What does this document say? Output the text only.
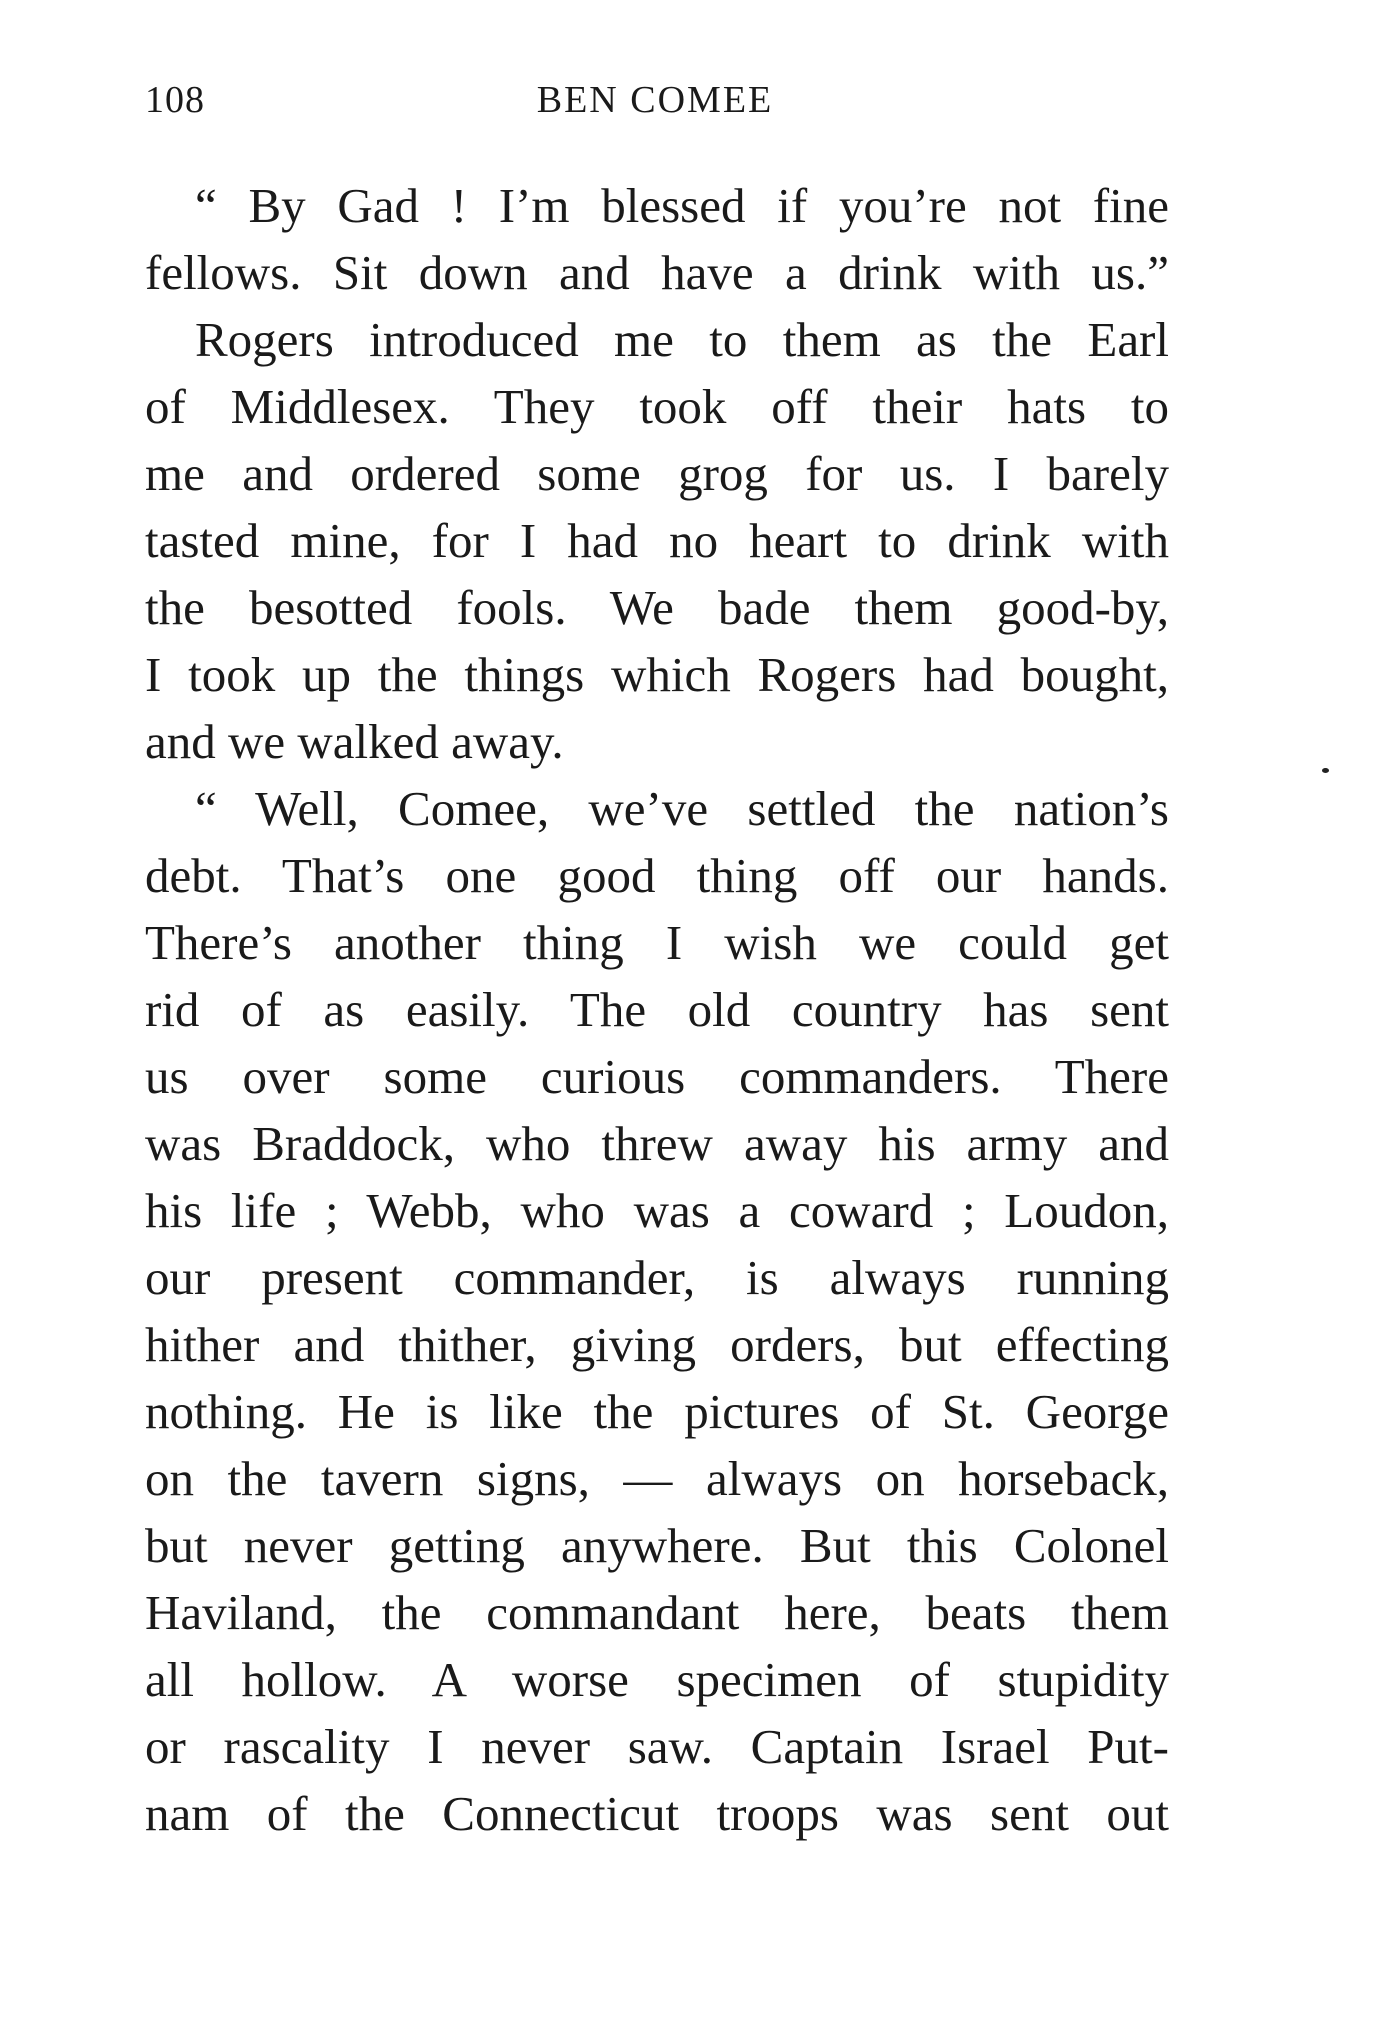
108	BEN COMEE
“ By Gad ! I’m blessed if you’re not fine
fellows. Sit down and have a drink with us.”
Rogers introduced me to them as the Earl
of Middlesex. They took off their hats to
me and ordered some grog for us. I barely
tasted mine, for I had no heart to drink with
the besotted fools. We bade them good-by,
I took up the things which Rogers had bought,
and we walked away.
“ Well, Comee, we’ve settled the nation’s
debt. That’s one good thing off our hands.
There’s another thing I wish we could get
rid of as easily. The old country has sent
us over some curious commanders. There
was Braddock, who threw away his army and
his life ; Webb, who was a coward ; Loudon,
our present commander, is always running
hither and thither, giving orders, but effecting
nothing. He is like the pictures of St. George
on the tavern signs, — always on horseback,
but never getting anywhere. But this Colonel
Haviland, the commandant here, beats them
all hollow. A worse specimen of stupidity
or rascality I never saw. Captain Israel Put-
nam of the Connecticut troops was sent out
